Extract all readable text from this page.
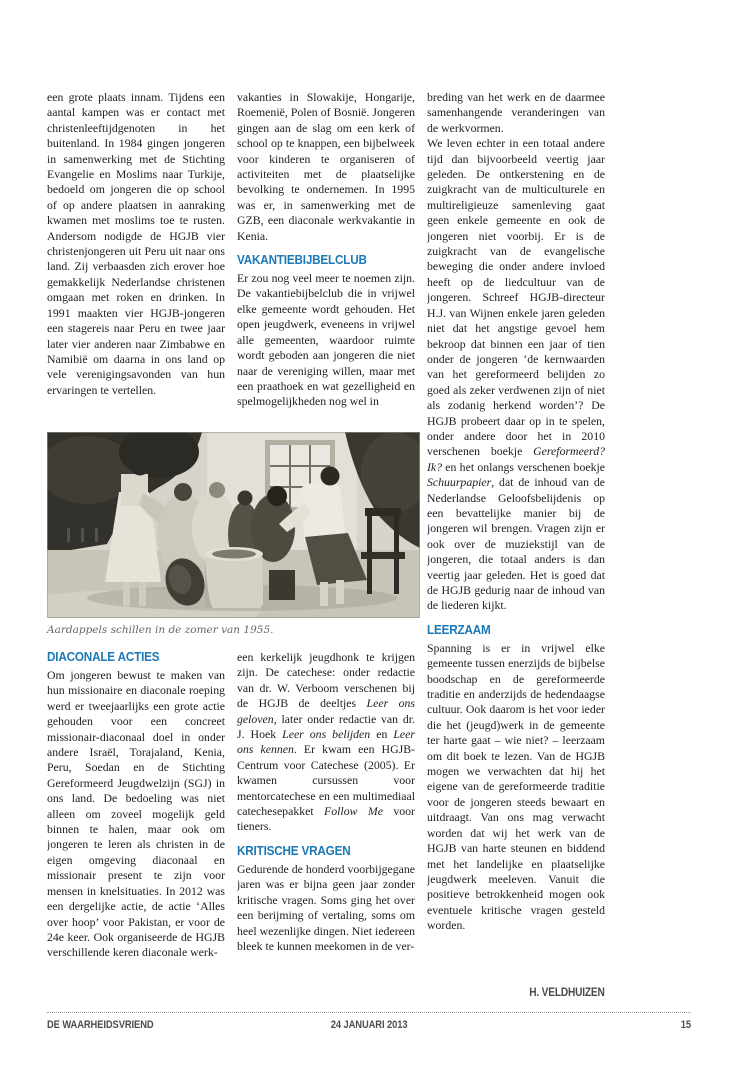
een grote plaats innam. Tijdens een aantal kampen was er contact met christenleeftijdgenoten in het buitenland. In 1984 gingen jongeren in samenwerking met de Stichting Evangelie en Moslims naar Turkije, bedoeld om jongeren die op school of op andere plaatsen in aanraking kwamen met moslims toe te rusten. Andersom nodigde de HGJB vier christenjongeren uit Peru uit naar ons land. Zij verbaasden zich erover hoe gemakkelijk Nederlandse christenen omgaan met roken en drinken. In 1991 maakten vier HGJB-jongeren een stagereis naar Peru en twee jaar later vier anderen naar Zimbabwe en Namibië om daarna in ons land op vele verenigingsavonden van hun ervaringen te vertellen.

vakanties in Slowakije, Hongarije, Roemenië, Polen of Bosnië. Jongeren gingen aan de slag om een kerk of school op te knappen, een bijbelweek voor kinderen te organiseren of activiteiten met de plaatselijke bevolking te ondernemen. In 1995 was er, in samenwerking met de GZB, een diaconale werkvakantie in Kenia.

VAKANTIEBIJBELCLUB

Er zou nog veel meer te noemen zijn. De vakantiebijbelclub die in vrijwel elke gemeente wordt gehouden. Het open jeugdwerk, eveneens in vrijwel alle gemeenten, waardoor ruimte wordt geboden aan jongeren die niet naar de vereniging willen, maar met een praathoek en wat gezelligheid en spelmogelijkheden nog wel in

breding van het werk en de daarmee samenhangende veranderingen van de werkvormen.

We leven echter in een totaal andere tijd dan bijvoorbeeld veertig jaar geleden. De ontkerstening en de zuigkracht van de multiculturele en multireligieuze samenleving gaat geen enkele gemeente en ook de jongeren niet voorbij. Er is de zuigkracht van de evangelische beweging die onder andere invloed heeft op de liedcultuur van de jongeren. Schreef HGJB-directeur H.J. van Wijnen enkele jaren geleden niet dat het angstige gevoel hem bekroop dat binnen een jaar of tien onder de jongeren ‘de kernwaarden van het gereformeerd belijden zo goed als zeker verdwenen zijn of niet als zodanig herkend worden’? De HGJB probeert daar op in te spelen, onder andere door het in 2010 verschenen boekje Gereformeerd? Ik? en het onlangs verschenen boekje Schuurpapier, dat de inhoud van de Nederlandse Geloofsbelijdenis op een bevattelijke manier bij de jongeren wil brengen. Vragen zijn er ook over de muziekstijl van de jongeren, die totaal anders is dan veertig jaar geleden. Het is goed dat de HGJB gedurig naar de inhoud van de liederen kijkt.

LEERZAAM

Spanning is er in vrijwel elke gemeente tussen enerzijds de bijbelse boodschap en de gereformeerde traditie en anderzijds de hedendaagse cultuur. Ook daarom is het voor ieder die het (jeugd)werk in de gemeente ter harte gaat – wie niet? – leerzaam om dit boek te lezen. Van de HGJB mogen we verwachten dat hij het eigene van de gereformeerde traditie voor de jongeren steeds bewaart en uitdraagt. Van ons mag verwacht worden dat wij het werk van de HGJB van harte steunen en biddend met het landelijke en plaatselijke jeugdwerk meeleven. Vanuit die positieve betrokkenheid mogen ook eventuele kritische vragen gesteld worden.

Aardappels schillen in de zomer van 1955.
DIACONALE ACTIES

Om jongeren bewust te maken van hun missionaire en diaconale roeping werd er tweejaarlijks een grote actie gehouden voor een concreet missionair-diaconaal doel in onder andere Israël, Torajaland, Kenia, Peru, Soedan en de Stichting Gereformeerd Jeugdwelzijn (SGJ) in ons land. De bedoeling was niet alleen om zoveel mogelijk geld binnen te halen, maar ook om jongeren te leren als christen in de eigen omgeving diaconaal en missionair present te zijn voor mensen in knelsituaties. In 2012 was een dergelijke actie, de actie ‘Alles over hoop’ voor Pakistan, er voor de 24e keer. Ook organiseerde de HGJB verschillende keren diaconale werk-

een kerkelijk jeugdhonk te krijgen zijn. De catechese: onder redactie van dr. W. Verboom verschenen bij de HGJB de deeltjes Leer ons geloven, later onder redactie van dr. J. Hoek Leer ons belijden en Leer ons kennen. Er kwam een HGJB-Centrum voor Catechese (2005). Er kwamen cursussen voor mentorcatechese en een multimediaal catechesepakket Follow Me voor tieners.

KRITISCHE VRAGEN

Gedurende de honderd voorbijgegane jaren was er bijna geen jaar zonder kritische vragen. Soms ging het over een berijming of vertaling, soms om heel wezenlijke dingen. Niet iedereen bleek te kunnen meekomen in de ver-

H. VELDHUIZEN
DE WAARHEIDSVRIEND	24 JANUARI 2013	15
